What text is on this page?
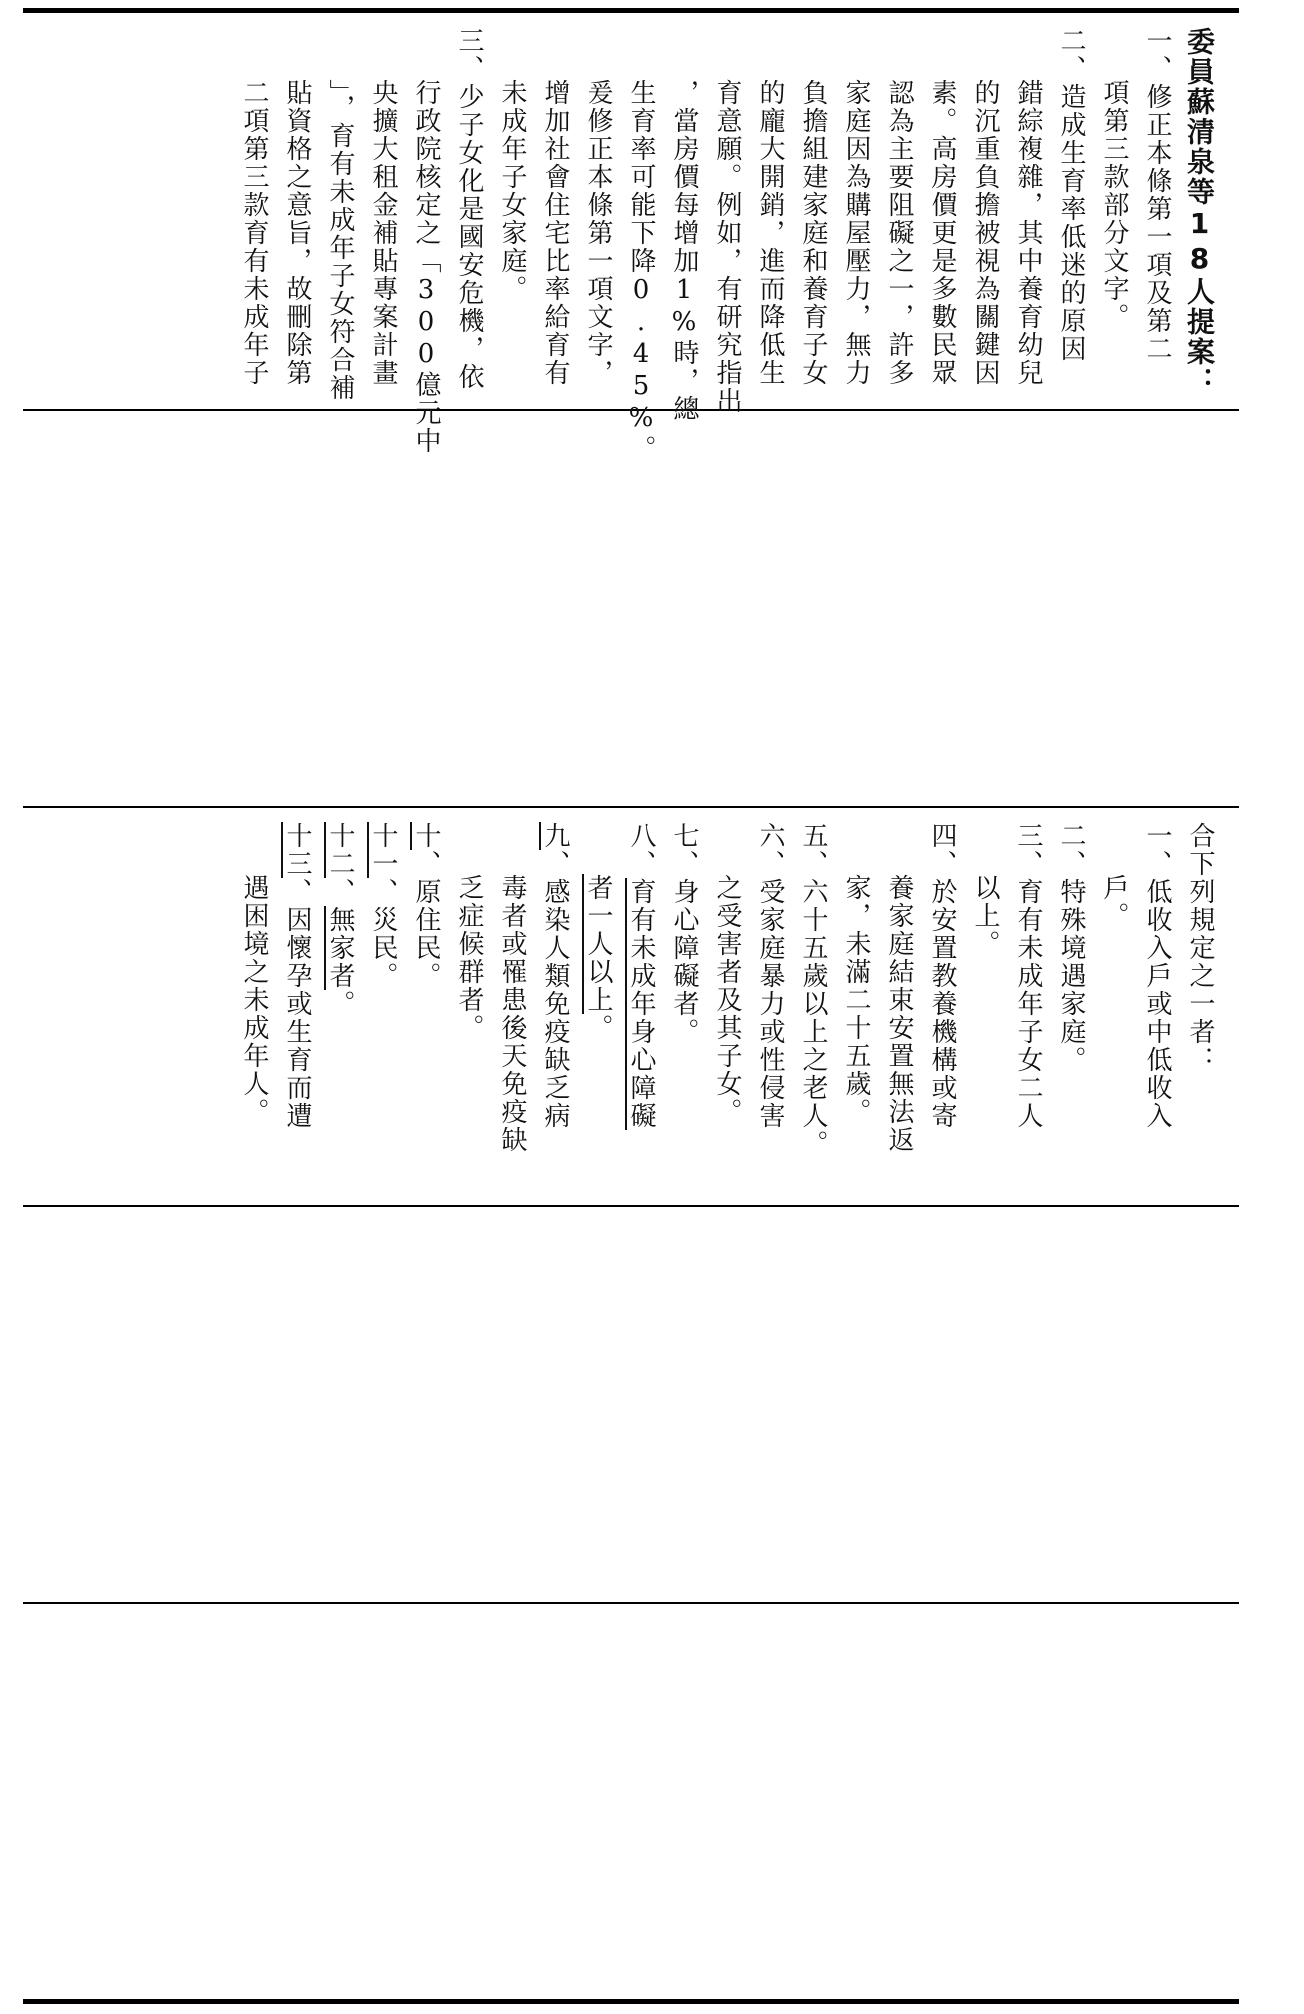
委員蘇清泉等18人提案：

一、修正本條第一項及第二

項第三款部分文字。

二、造成生育率低迷的原因

錯綜複雜，其中養育幼兒

的沉重負擔被視為關鍵因

素。高房價更是多數民眾

認為主要阻礙之一，許多

家庭因為購屋壓力，無力

負擔組建家庭和養育子女

的龐大開銷，進而降低生

育意願。例如，有研究指出

，當房價每增加1%時，總

生育率可能下降0.45%。

爰修正本條第一項文字，

增加社會住宅比率給育有

未成年子女家庭。

三、少子女化是國安危機，依

行政院核定之「300億元中

央擴大租金補貼專案計畫

」，育有未成年子女符合補

貼資格之意旨，故刪除第

二項第三款育有未成年子

合下列規定之一者：

一、低收入戶或中低收入

戶。

二、特殊境遇家庭。

三、育有未成年子女二人

以上。

四、於安置教養機構或寄

養家庭結束安置無法返

家，未滿二十五歲。

五、六十五歲以上之老人。

六、受家庭暴力或性侵害

之受害者及其子女。

七、身心障礙者。

八、育有未成年身心障礙

者一人以上。

九、感染人類免疫缺乏病

毒者或罹患後天免疫缺

乏症候群者。

十、原住民。

十一、災民。

十二、無家者。

十三、因懷孕或生育而遭

遇困境之未成年人。
